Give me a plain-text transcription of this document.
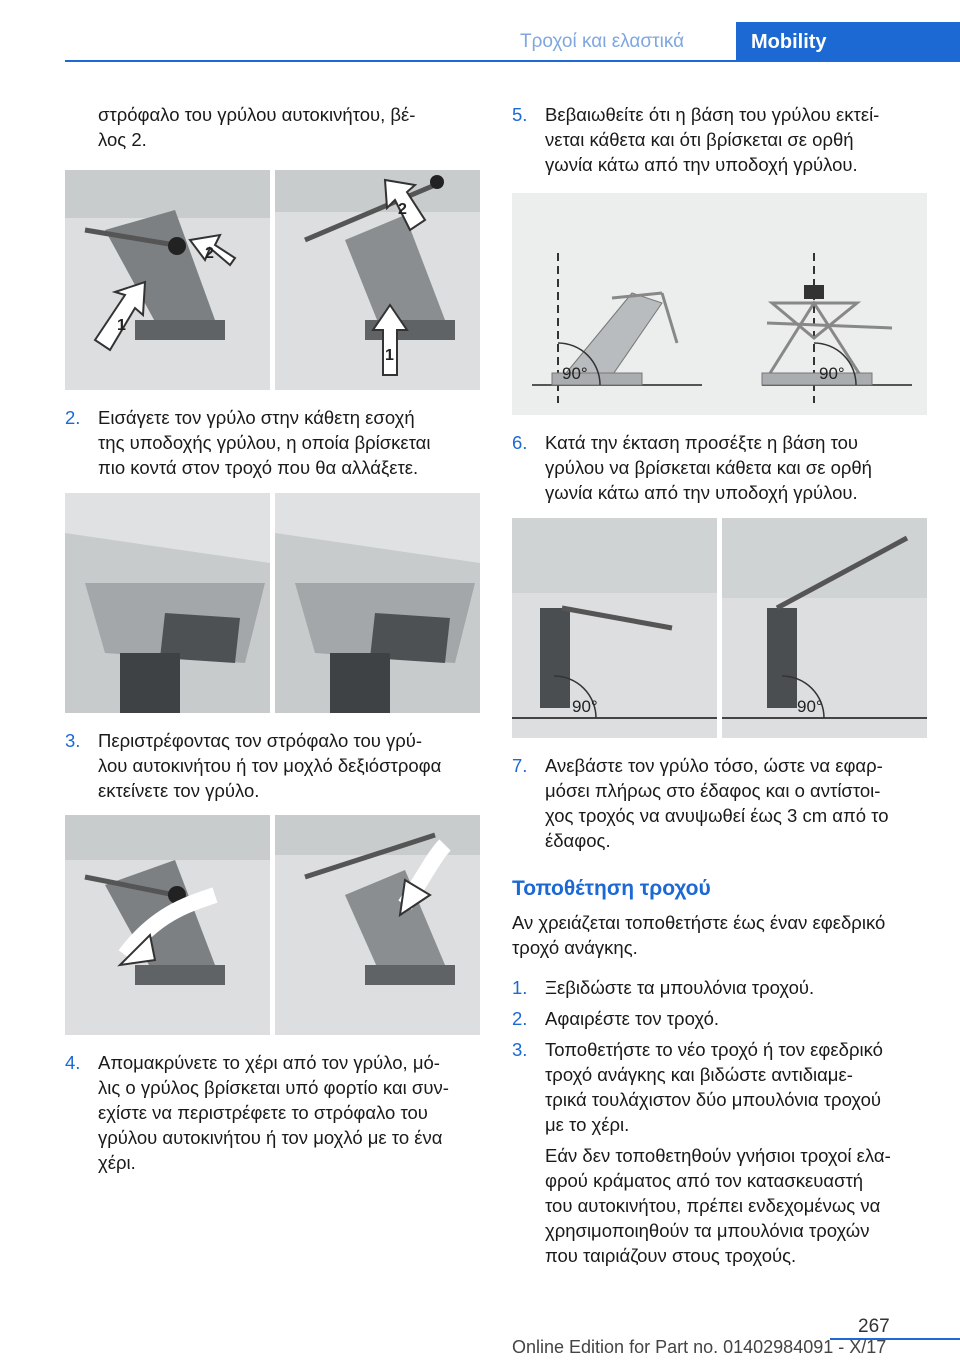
Τροχοί και ελαστικά	Mobility
στρόφαλο του γρύλου αυτοκινήτου, βέ-
λος 2.
1
2
1
2
2. Εισάγετε τον γρύλο στην κάθετη εσοχή
της υποδοχής γρύλου, η οποία βρίσκεται
πιο κοντά στον τροχό που θα αλλάξετε.
3. Περιστρέφοντας τον στρόφαλο του γρύ-
λου αυτοκινήτου ή τον μοχλό δεξιόστροφα
εκτείνετε τον γρύλο.
4. Απομακρύνετε το χέρι από τον γρύλο, μό-
λις ο γρύλος βρίσκεται υπό φορτίο και συν-
εχίστε να περιστρέφετε το στρόφαλο του
γρύλου αυτοκινήτου ή τον μοχλό με το ένα
χέρι.
5. Βεβαιωθείτε ότι η βάση του γρύλου εκτεί-
νεται κάθετα και ότι βρίσκεται σε ορθή
γωνία κάτω από την υποδοχή γρύλου.
90°	90°
6. Κατά την έκταση προσέξτε η βάση του
γρύλου να βρίσκεται κάθετα και σε ορθή
γωνία κάτω από την υποδοχή γρύλου.
90°	90°
7. Ανεβάστε τον γρύλο τόσο, ώστε να εφαρ-
μόσει πλήρως στο έδαφος και ο αντίστοι-
χος τροχός να ανυψωθεί έως 3 cm από το
έδαφος.
Τοποθέτηση τροχού
Αν χρειάζεται τοποθετήστε έως έναν εφεδρικό
τροχό ανάγκης.
1. Ξεβιδώστε τα μπουλόνια τροχού.
2. Αφαιρέστε τον τροχό.
3. Τοποθετήστε το νέο τροχό ή τον εφεδρικό
τροχό ανάγκης και βιδώστε αντιδιαμε-
τρικά τουλάχιστον δύο μπουλόνια τροχού
με το χέρι.
Εάν δεν τοποθετηθούν γνήσιοι τροχοί ελα-
φρού κράματος από τον κατασκευαστή
του αυτοκινήτου, πρέπει ενδεχομένως να
χρησιμοποιηθούν τα μπουλόνια τροχών
που ταιριάζουν στους τροχούς.
267
Online Edition for Part no. 01402984091 - X/17
